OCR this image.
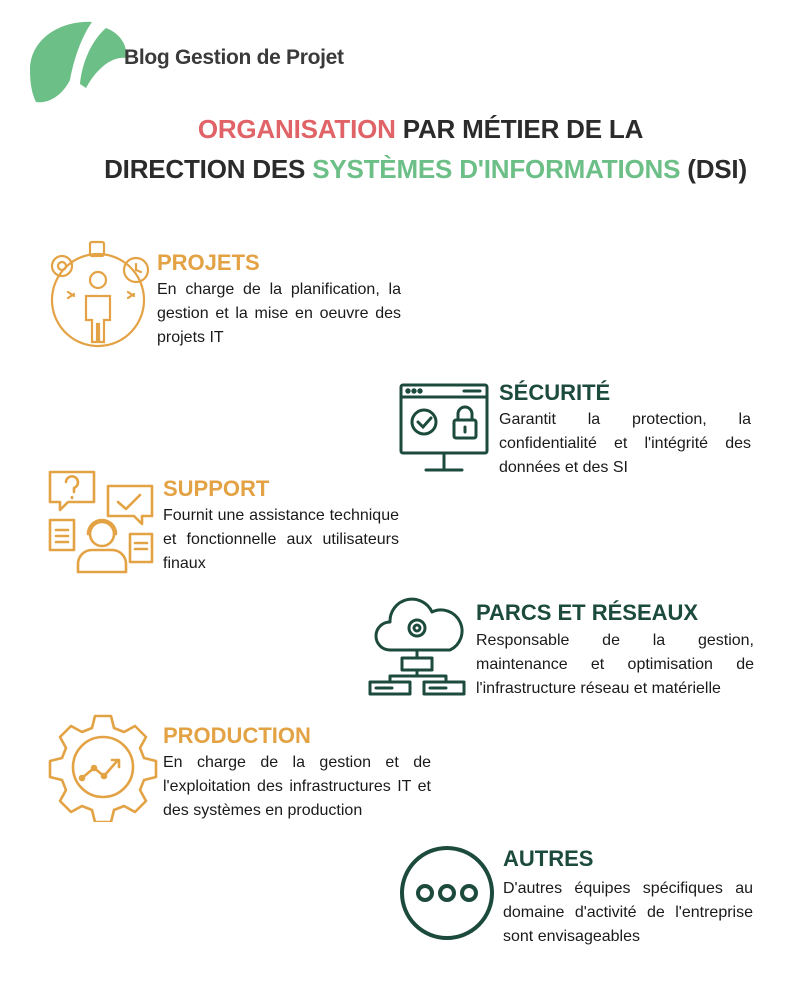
Blog Gestion de Projet
ORGANISATION PAR MÉTIER DE LA
DIRECTION DES SYSTÈMES D'INFORMATIONS (DSI)
PROJETS
En charge de la planification, la gestion et la mise en oeuvre des projets IT
SÉCURITÉ
Garantit la protection, la confidentialité et l'intégrité des données et des SI
SUPPORT
Fournit une assistance technique et fonctionnelle aux utilisateurs finaux
PARCS ET RÉSEAUX
Responsable de la gestion, maintenance et optimisation de l'infrastructure réseau et matérielle
PRODUCTION
En charge de la gestion et de l'exploitation des infrastructures IT et des systèmes en production
AUTRES
D'autres équipes spécifiques au domaine d'activité de l'entreprise sont envisageables
